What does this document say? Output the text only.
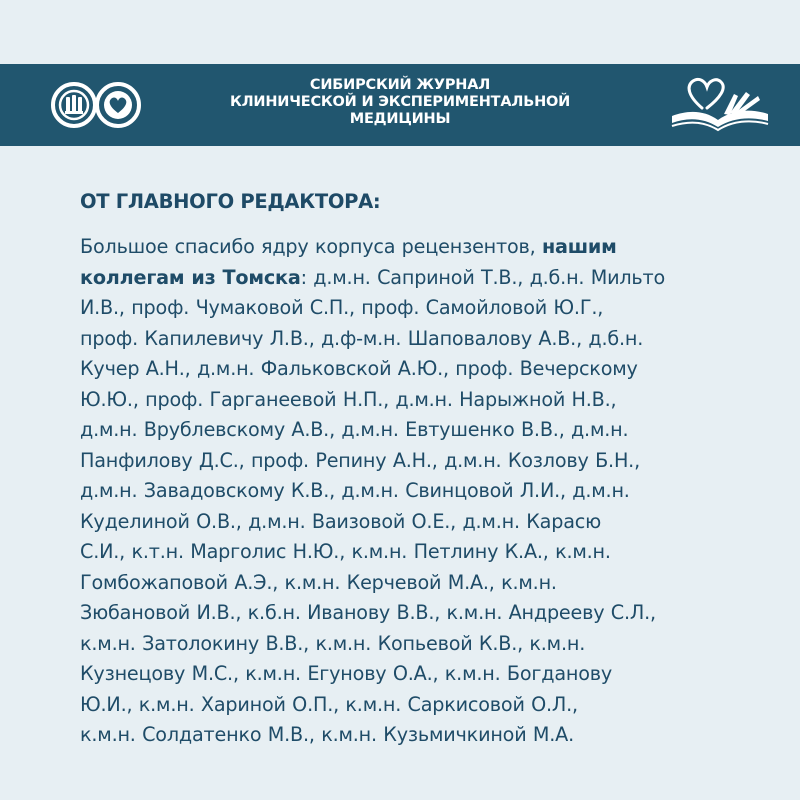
СИБИРСКИЙ ЖУРНАЛ
КЛИНИЧЕСКОЙ И ЭКСПЕРИМЕНТАЛЬНОЙ
МЕДИЦИНЫ
ОТ ГЛАВНОГО РЕДАКТОРА:
Большое спасибо ядру корпуса рецензентов, нашим
коллегам из Томска: д.м.н. Саприной Т.В., д.б.н. Мильто
И.В., проф. Чумаковой С.П., проф. Самойловой Ю.Г.,
проф. Капилевичу Л.В., д.ф-м.н. Шаповалову А.В., д.б.н.
Кучер А.Н., д.м.н. Фальковской А.Ю., проф. Вечерскому
Ю.Ю., проф. Гарганеевой Н.П., д.м.н. Нарыжной Н.В.,
д.м.н. Врублевскому А.В., д.м.н. Евтушенко В.В., д.м.н.
Панфилову Д.С., проф. Репину А.Н., д.м.н. Козлову Б.Н.,
д.м.н. Завадовскому К.В., д.м.н. Свинцовой Л.И., д.м.н.
Куделиной О.В., д.м.н. Ваизовой О.Е., д.м.н. Карасю
С.И., к.т.н. Марголис Н.Ю., к.м.н. Петлину К.А., к.м.н.
Гомбожаповой А.Э., к.м.н. Керчевой М.А., к.м.н.
Зюбановой И.В., к.б.н. Иванову В.В., к.м.н. Андрееву С.Л.,
к.м.н. Затолокину В.В., к.м.н. Копьевой К.В., к.м.н.
Кузнецову М.С., к.м.н. Егунову О.А., к.м.н. Богданову
Ю.И., к.м.н. Хариной О.П., к.м.н. Саркисовой О.Л.,
к.м.н. Солдатенко М.В., к.м.н. Кузьмичкиной М.А.
